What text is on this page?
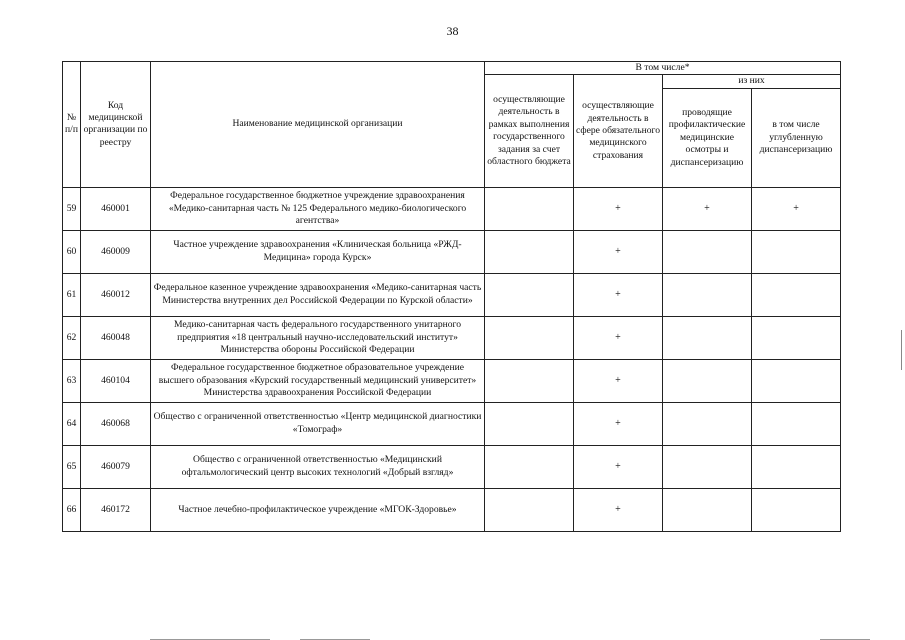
38
№ п/п	Код медицинской организации по реестру	Наименование медицинской организации	В том числе*			
			осуществляющие деятельность в рамках выполнения государственного задания за счет областного бюджета	осуществляющие деятельность в сфере обязательного медицинского страхования	из них	
					проводящие профилактические медицинские осмотры и диспансеризацию	в том числе углубленную диспансеризацию
59	460001	Федеральное государственное бюджетное учреждение здравоохранения «Медико-санитарная часть № 125 Федерального медико-биологического агентства»		+	+	+
60	460009	Частное учреждение здравоохранения «Клиническая больница «РЖД-Медицина» города Курск»		+		
61	460012	Федеральное казенное учреждение здравоохранения «Медико-санитарная часть Министерства внутренних дел Российской Федерации по Курской области»		+		
62	460048	Медико-санитарная часть федерального государственного унитарного предприятия «18 центральный научно-исследовательский институт» Министерства обороны Российской Федерации		+		
63	460104	Федеральное государственное бюджетное образовательное учреждение высшего образования «Курский государственный медицинский университет» Министерства здравоохранения Российской Федерации		+		
64	460068	Общество с ограниченной ответственностью «Центр медицинской диагностики «Томограф»		+		
65	460079	Общество с ограниченной ответственностью «Медицинский офтальмологический центр высоких технологий «Добрый взгляд»		+		
66	460172	Частное лечебно-профилактическое учреждение «МГОК-Здоровье»		+		
